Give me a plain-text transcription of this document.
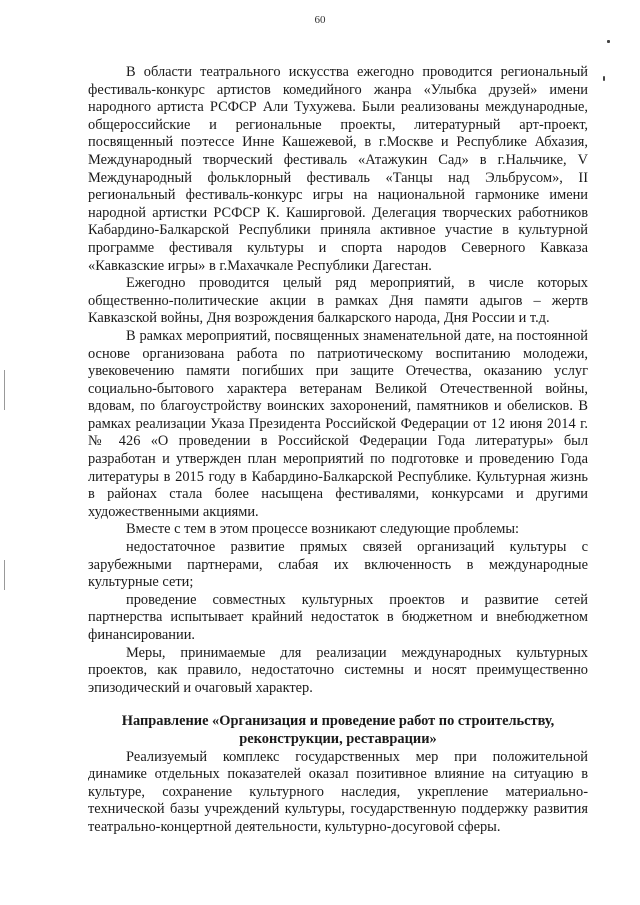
60

В области театрального искусства ежегодно проводится региональный фестиваль-конкурс артистов комедийного жанра «Улыбка друзей» имени народного артиста РСФСР Али Тухужева. Были реализованы международные, общероссийские и региональные проекты, литературный арт-проект, посвященный поэтессе Инне Кашежевой, в г.Москве и Республике Абхазия, Международный творческий фестиваль «Атажукин Сад» в г.Нальчике, V Международный фольклорный фестиваль «Танцы над Эльбрусом», II региональный фестиваль-конкурс игры на национальной гармонике имени народной артистки РСФСР К. Каширговой. Делегация творческих работников Кабардино-Балкарской Республики приняла активное участие в культурной программе фестиваля культуры и спорта народов Северного Кавказа «Кавказские игры» в г.Махачкале Республики Дагестан.

Ежегодно проводится целый ряд мероприятий, в числе которых общественно-политические акции в рамках Дня памяти адыгов – жертв Кавказской войны, Дня возрождения балкарского народа, Дня России и т.д.

В рамках мероприятий, посвященных знаменательной дате, на постоянной основе организована работа по патриотическому воспитанию молодежи, увековечению памяти погибших при защите Отечества, оказанию услуг социально-бытового характера ветеранам Великой Отечественной войны, вдовам, по благоустройству воинских захоронений, памятников и обелисков. В рамках реализации Указа Президента Российской Федерации от 12 июня 2014 г. № 426 «О проведении в Российской Федерации Года литературы» был разработан и утвержден план мероприятий по подготовке и проведению Года литературы в 2015 году в Кабардино-Балкарской Республике. Культурная жизнь в районах стала более насыщена фестивалями, конкурсами и другими художественными акциями.

Вместе с тем в этом процессе возникают следующие проблемы:

недостаточное развитие прямых связей организаций культуры с зарубежными партнерами, слабая их включенность в международные культурные сети;

проведение совместных культурных проектов и развитие сетей партнерства испытывает крайний недостаток в бюджетном и внебюджетном финансировании.

Меры, принимаемые для реализации международных культурных проектов, как правило, недостаточно системны и носят преимущественно эпизодический и очаговый характер.

Направление «Организация и проведение работ по строительству,
реконструкции, реставрации»

Реализуемый комплекс государственных мер при положительной динамике отдельных показателей оказал позитивное влияние на ситуацию в культуре, сохранение культурного наследия, укрепление материально-технической базы учреждений культуры, государственную поддержку развития театрально-концертной деятельности, культурно-досуговой сферы.
